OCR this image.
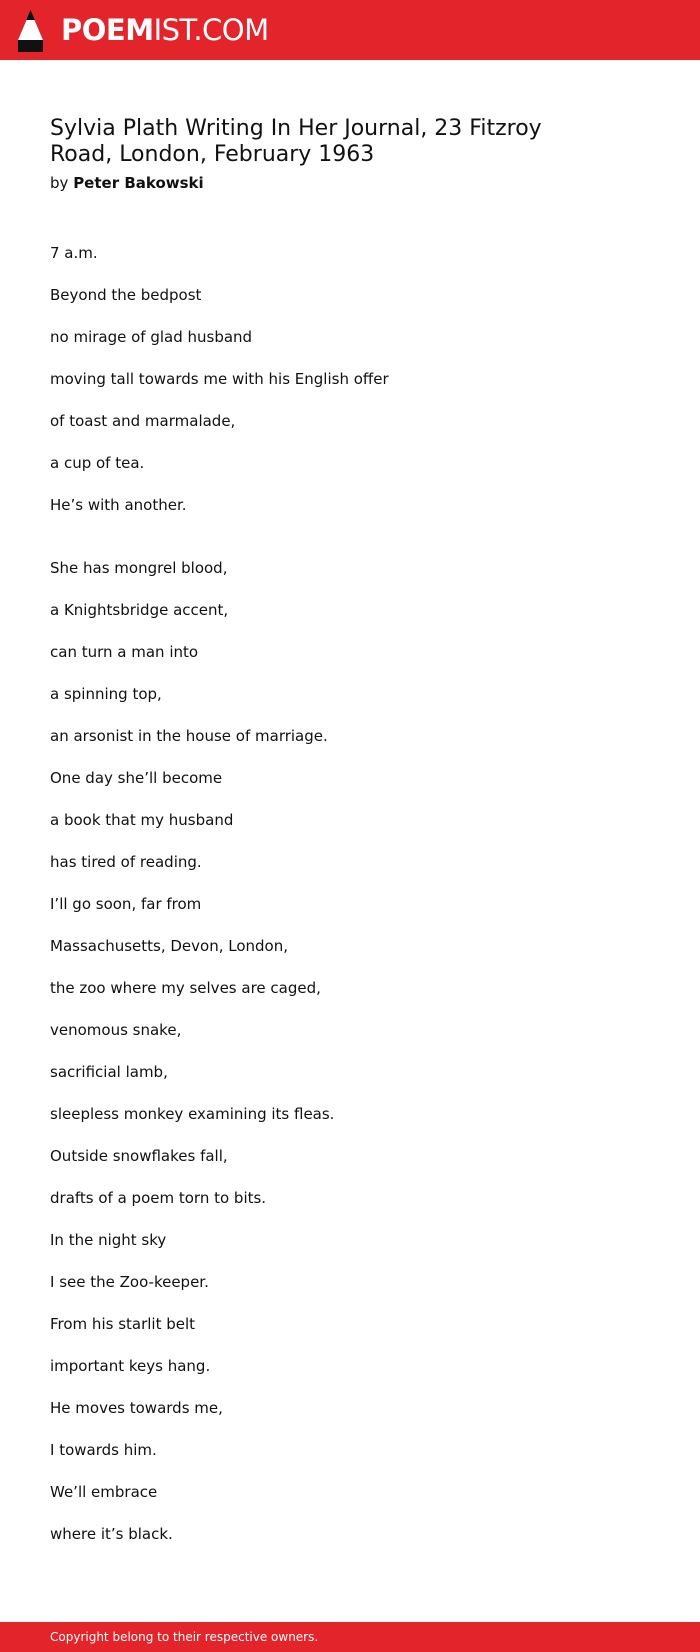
POEMIST.COM
Sylvia Plath Writing In Her Journal, 23 Fitzroy Road, London, February 1963
by Peter Bakowski
7 a.m.
Beyond the bedpost
no mirage of glad husband
moving tall towards me with his English offer
of toast and marmalade,
a cup of tea.
He’s with another.
She has mongrel blood,
a Knightsbridge accent,
can turn a man into
a spinning top,
an arsonist in the house of marriage.
One day she’ll become
a book that my husband
has tired of reading.
I’ll go soon, far from
Massachusetts, Devon, London,
the zoo where my selves are caged,
venomous snake,
sacrificial lamb,
sleepless monkey examining its fleas.
Outside snowflakes fall,
drafts of a poem torn to bits.
In the night sky
I see the Zoo-keeper.
From his starlit belt
important keys hang.
He moves towards me,
I towards him.
We’ll embrace
where it’s black.
Copyright belong to their respective owners.
